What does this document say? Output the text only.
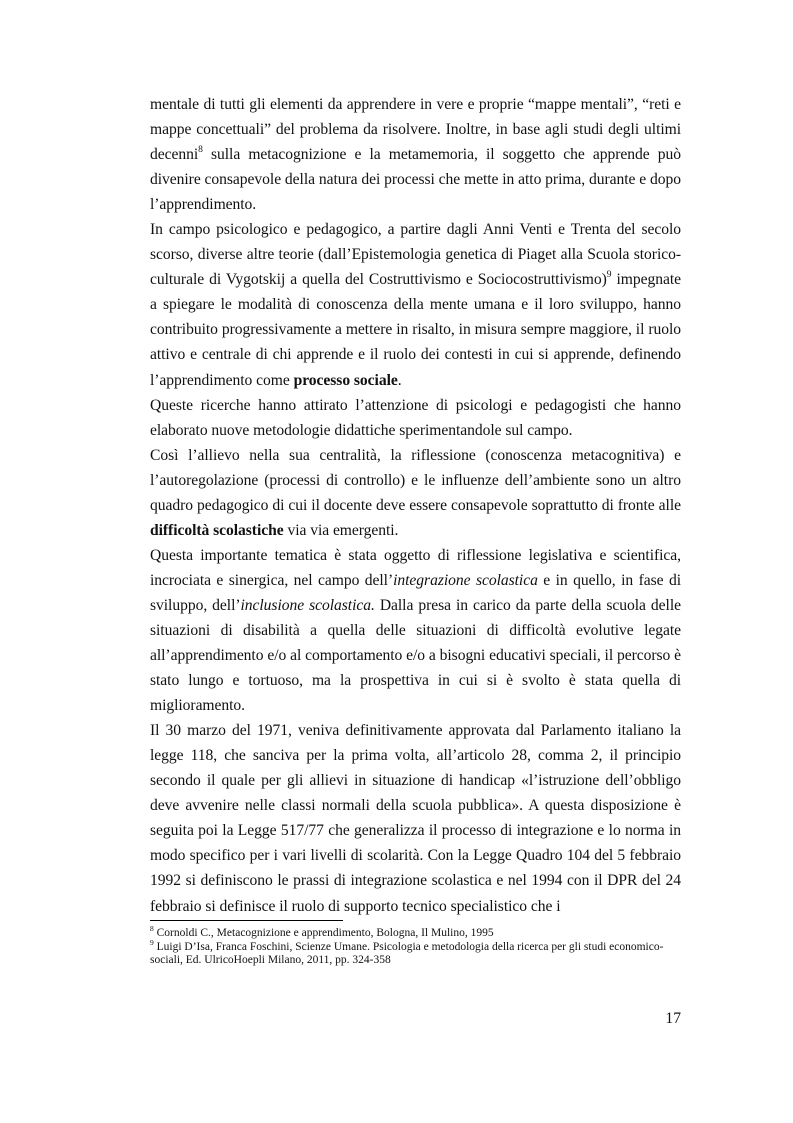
mentale di tutti gli elementi da apprendere in vere e proprie “mappe mentali”, “reti e mappe concettuali” del problema da risolvere. Inoltre, in base agli studi degli ultimi decenni$^8$ sulla metacognizione e la metamemoria, il soggetto che apprende può divenire consapevole della natura dei processi che mette in atto prima, durante e dopo l’apprendimento.

In campo psicologico e pedagogico, a partire dagli Anni Venti e Trenta del secolo scorso, diverse altre teorie (dall’Epistemologia genetica di Piaget alla Scuola storico-culturale di Vygotskij a quella del Costruttivismo e Sociocostruttivismo)$^9$ impegnate a spiegare le modalità di conoscenza della mente umana e il loro sviluppo, hanno contribuito progressivamente a mettere in risalto, in misura sempre maggiore, il ruolo attivo e centrale di chi apprende e il ruolo dei contesti in cui si apprende, definendo l’apprendimento come processo sociale.

Queste ricerche hanno attirato l’attenzione di psicologi e pedagogisti che hanno elaborato nuove metodologie didattiche sperimentandole sul campo.

Così l’allievo nella sua centralità, la riflessione (conoscenza metacognitiva) e l’autoregolazione (processi di controllo) e le influenze dell’ambiente sono un altro quadro pedagogico di cui il docente deve essere consapevole soprattutto di fronte alle difficoltà scolastiche via via emergenti.

Questa importante tematica è stata oggetto di riflessione legislativa e scientifica, incrociata e sinergica, nel campo dell’integrazione scolastica e in quello, in fase di sviluppo, dell’inclusione scolastica. Dalla presa in carico da parte della scuola delle situazioni di disabilità a quella delle situazioni di difficoltà evolutive legate all’apprendimento e/o al comportamento e/o a bisogni educativi speciali, il percorso è stato lungo e tortuoso, ma la prospettiva in cui si è svolto è stata quella di miglioramento.

Il 30 marzo del 1971, veniva definitivamente approvata dal Parlamento italiano la legge 118, che sanciva per la prima volta, all’articolo 28, comma 2, il principio secondo il quale per gli allievi in situazione di handicap «l’istruzione dell’obbligo deve avvenire nelle classi normali della scuola pubblica». A questa disposizione è seguita poi la Legge 517/77 che generalizza il processo di integrazione e lo norma in modo specifico per i vari livelli di scolarità. Con la Legge Quadro 104 del 5 febbraio 1992 si definiscono le prassi di integrazione scolastica e nel 1994 con il DPR del 24 febbraio si definisce il ruolo di supporto tecnico specialistico che i

$^8$ Cornoldi C., Metacognizione e apprendimento, Bologna, Il Mulino, 1995

$^9$ Luigi D’Isa, Franca Foschini, Scienze Umane. Psicologia e metodologia della ricerca per gli studi economico-sociali, Ed. UlricoHoepli Milano, 2011, pp. 324-358

17
